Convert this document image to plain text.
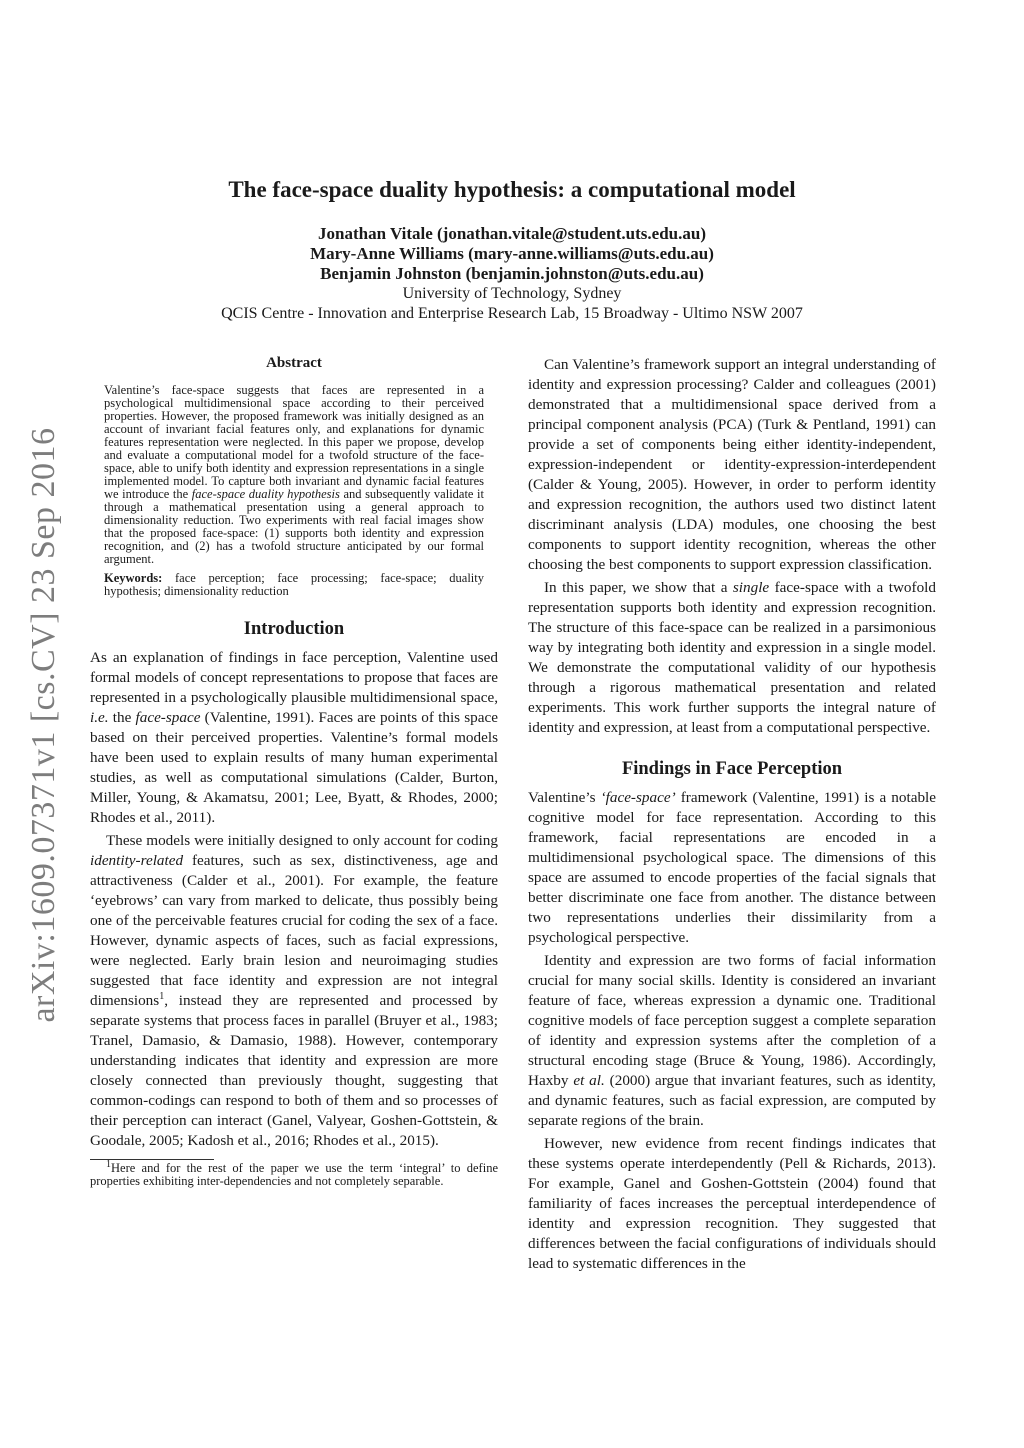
arXiv:1609.07371v1 [cs.CV] 23 Sep 2016

The face-space duality hypothesis: a computational model

Jonathan Vitale (jonathan.vitale@student.uts.edu.au)

Mary-Anne Williams (mary-anne.williams@uts.edu.au)

Benjamin Johnston (benjamin.johnston@uts.edu.au)

University of Technology, Sydney

QCIS Centre - Innovation and Enterprise Research Lab, 15 Broadway - Ultimo NSW 2007

Abstract

Valentine’s face-space suggests that faces are represented in a psychological multidimensional space according to their perceived properties. However, the proposed framework was initially designed as an account of invariant facial features only, and explanations for dynamic features representation were neglected. In this paper we propose, develop and evaluate a computational model for a twofold structure of the face-space, able to unify both identity and expression representations in a single implemented model. To capture both invariant and dynamic facial features we introduce the face-space duality hypothesis and subsequently validate it through a mathematical presentation using a general approach to dimensionality reduction. Two experiments with real facial images show that the proposed face-space: (1) supports both identity and expression recognition, and (2) has a twofold structure anticipated by our formal argument.

Keywords: face perception; face processing; face-space; duality hypothesis; dimensionality reduction

Introduction

As an explanation of findings in face perception, Valentine used formal models of concept representations to propose that faces are represented in a psychologically plausible multidimensional space, i.e. the face-space (Valentine, 1991). Faces are points of this space based on their perceived properties. Valentine’s formal models have been used to explain results of many human experimental studies, as well as computational simulations (Calder, Burton, Miller, Young, & Akamatsu, 2001; Lee, Byatt, & Rhodes, 2000; Rhodes et al., 2011).

These models were initially designed to only account for coding identity-related features, such as sex, distinctiveness, age and attractiveness (Calder et al., 2001). For example, the feature ‘eyebrows’ can vary from marked to delicate, thus possibly being one of the perceivable features crucial for coding the sex of a face. However, dynamic aspects of faces, such as facial expressions, were neglected. Early brain lesion and neuroimaging studies suggested that face identity and expression are not integral dimensions$^1$, instead they are represented and processed by separate systems that process faces in parallel (Bruyer et al., 1983; Tranel, Damasio, & Damasio, 1988). However, contemporary understanding indicates that identity and expression are more closely connected than previously thought, suggesting that common-codings can respond to both of them and so processes of their perception can interact (Ganel, Valyear, Goshen-Gottstein, & Goodale, 2005; Kadosh et al., 2016; Rhodes et al., 2015).

$^1$Here and for the rest of the paper we use the term ‘integral’ to define properties exhibiting inter-dependencies and not completely separable.

Can Valentine’s framework support an integral understanding of identity and expression processing? Calder and colleagues (2001) demonstrated that a multidimensional space derived from a principal component analysis (PCA) (Turk & Pentland, 1991) can provide a set of components being either identity-independent, expression-independent or identity-expression-interdependent (Calder & Young, 2005). However, in order to perform identity and expression recognition, the authors used two distinct latent discriminant analysis (LDA) modules, one choosing the best components to support identity recognition, whereas the other choosing the best components to support expression classification.

In this paper, we show that a single face-space with a twofold representation supports both identity and expression recognition. The structure of this face-space can be realized in a parsimonious way by integrating both identity and expression in a single model. We demonstrate the computational validity of our hypothesis through a rigorous mathematical presentation and related experiments. This work further supports the integral nature of identity and expression, at least from a computational perspective.

Findings in Face Perception

Valentine’s ‘face-space’ framework (Valentine, 1991) is a notable cognitive model for face representation. According to this framework, facial representations are encoded in a multidimensional psychological space. The dimensions of this space are assumed to encode properties of the facial signals that better discriminate one face from another. The distance between two representations underlies their dissimilarity from a psychological perspective.

Identity and expression are two forms of facial information crucial for many social skills. Identity is considered an invariant feature of face, whereas expression a dynamic one. Traditional cognitive models of face perception suggest a complete separation of identity and expression systems after the completion of a structural encoding stage (Bruce & Young, 1986). Accordingly, Haxby et al. (2000) argue that invariant features, such as identity, and dynamic features, such as facial expression, are computed by separate regions of the brain.

However, new evidence from recent findings indicates that these systems operate interdependently (Pell & Richards, 2013). For example, Ganel and Goshen-Gottstein (2004) found that familiarity of faces increases the perceptual interdependence of identity and expression recognition. They suggested that differences between the facial configurations of individuals should lead to systematic differences in the
